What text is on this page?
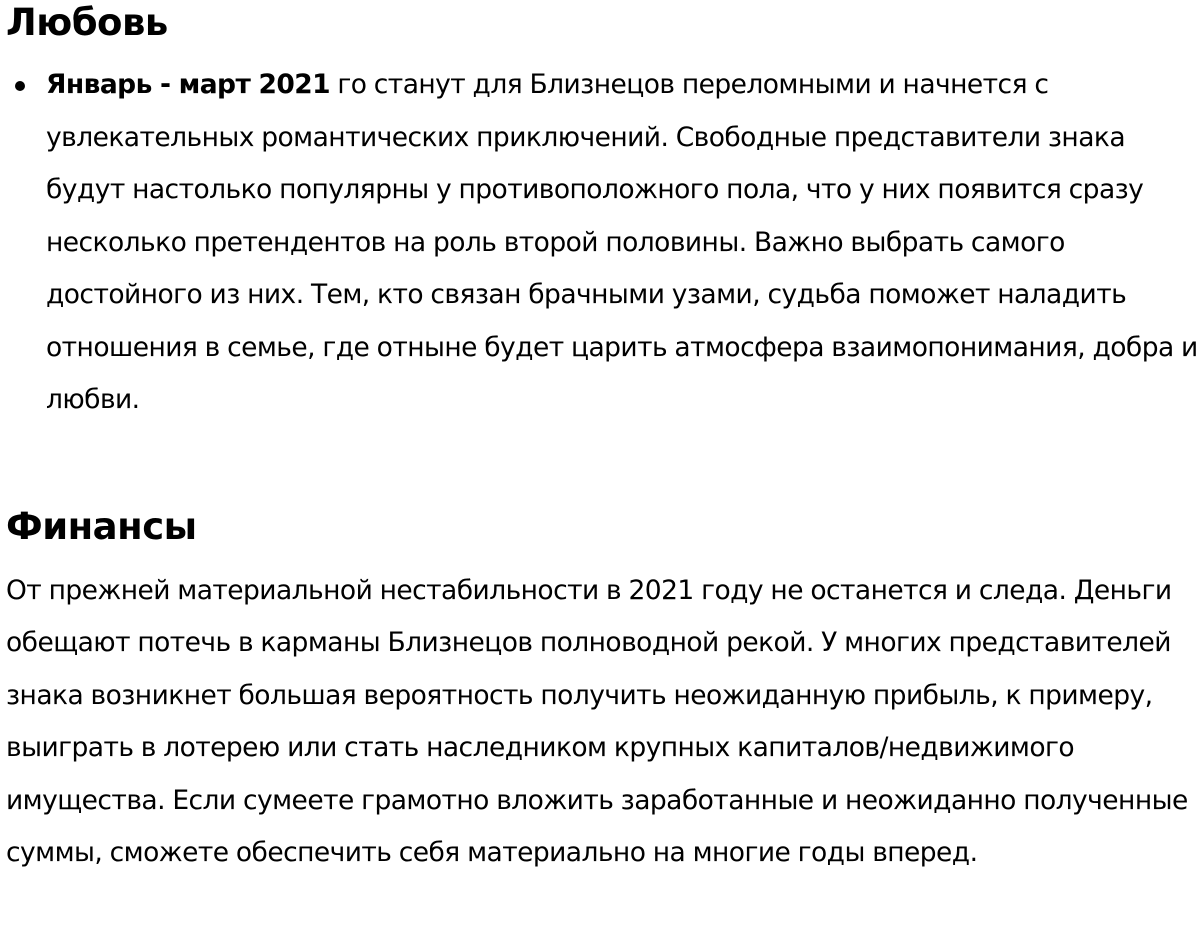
Любовь
Январь - март 2021 го станут для Близнецов переломными и начнется с увлекательных романтических приключений. Свободные представители знака будут настолько популярны у противоположного пола, что у них появится сразу несколько претендентов на роль второй половины. Важно выбрать самого достойного из них. Тем, кто связан брачными узами, судьба поможет наладить отношения в семье, где отныне будет царить атмосфера взаимопонимания, добра и любви.
Финансы

От прежней материальной нестабильности в 2021 году не останется и следа. Деньги обещают потечь в карманы Близнецов полноводной рекой. У многих представителей знака возникнет большая вероятность получить неожиданную прибыль, к примеру, выиграть в лотерею или стать наследником крупных капиталов/недвижимого имущества. Если сумеете грамотно вложить заработанные и неожиданно полученные суммы, сможете обеспечить себя материально на многие годы вперед.
